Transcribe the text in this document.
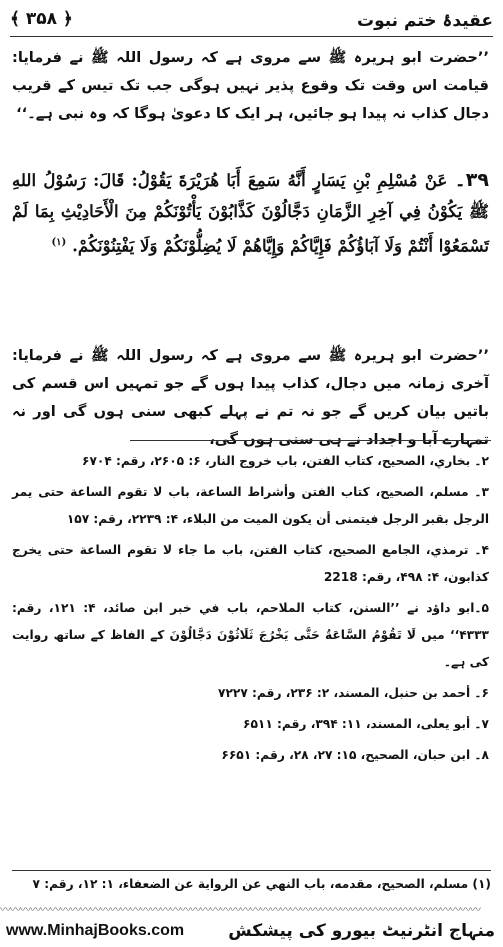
عقیدۂ ختم نبوت
﴾ ۳۵۸ ﴿
’’حضرت ابو ہریرہ ﷺ سے مروی ہے کہ رسول اللہ ﷺ نے فرمایا: قیامت اس وقت تک وقوع پذیر نہیں ہوگی جب تک تیس کے قریب دجال کذاب نہ پیدا ہو جائیں، ہر ایک کا دعویٰ ہوگا کہ وہ نبی ہے۔‘‘
۳۹۔ عَنْ مُسْلِمِ بْنِ يَسَارٍ أَنَّهُ سَمِعَ أَبَا هُرَيْرَةَ يَقُوْلُ: قَالَ: رَسُوْلُ اللهِ ﷺ يَكُوْنُ فِي آخِرِ الزَّمَانِ دَجَّالُوْنَ كَذَّابُوْنَ يَأْتُوْنَكُمْ مِنَ الْأَحَادِيْثِ بِمَا لَمْ تَسْمَعُوْا أَنْتُمْ وَلَا آبَاؤُكُمْ فَإِيَّاكُمْ وَإِيَّاهُمْ لَا يُضِلُّوْنَكُمْ وَلَا يَفْتِنُوْنَكُمْ. $^{(۱)}$
’’حضرت ابو ہریرہ ﷺ سے مروی ہے کہ رسول اللہ ﷺ نے فرمایا: آخری زمانہ میں دجال، کذاب پیدا ہوں گے جو تمہیں اس قسم کی باتیں بیان کریں گے جو نہ تم نے پہلے کبھی سنی ہوں گی اور نہ تمہارے آبا و اجداد نے ہی سنی ہوں گی،

۲۔ بخاري، الصحيح، كتاب الفتن، باب خروج النار، ۶: ۲۶۰۵، رقم: ۶۷۰۴

۳۔ مسلم، الصحيح، كتاب الفتن وأشراط الساعة، باب لا تقوم الساعة حتى يمر الرجل بقبر الرجل فيتمنى أن يكون الميت من البلاء، ۴: ۲۲۳۹، رقم: ۱۵۷

۴۔ ترمذي، الجامع الصحيح، كتاب الفتن، باب ما جاء لا تقوم الساعة حتى يخرج كذابون، ۴: ۴۹۸، رقم: 2218

۵۔ابو داؤد نے ’’السنن، كتاب الملاحم، باب في خبر ابن صائد، ۴: ۱۲۱، رقم: ۴۳۳۳‘‘ میں لَا تَقُوْمُ السَّاعَةُ حَتَّى يَخْرُجَ ثَلَاثُوْنَ دَجَّالُوْنَ کے الفاظ کے ساتھ روایت کی ہے۔

۶۔ أحمد بن حنبل، المسند، ۲: ۲۳۶، رقم: ۷۲۲۷

۷۔ أبو يعلى، المسند، ۱۱: ۳۹۴، رقم: ۶۵۱۱

۸۔ ابن حبان، الصحيح، ۱۵: ۲۷، ۲۸، رقم: ۶۶۵۱

(۱) مسلم، الصحيح، مقدمه، باب النهي عن الرواية عن الضعفاء، ۱: ۱۲، رقم: ۷
〰〰〰〰〰〰〰〰〰〰〰〰〰〰〰〰〰〰〰〰〰〰〰〰〰〰〰〰〰〰〰〰〰〰〰〰〰〰〰〰〰〰〰〰〰〰〰〰
www.MinhajBooks.com	منہاج انٹرنیٹ بیورو کی پیشکش
